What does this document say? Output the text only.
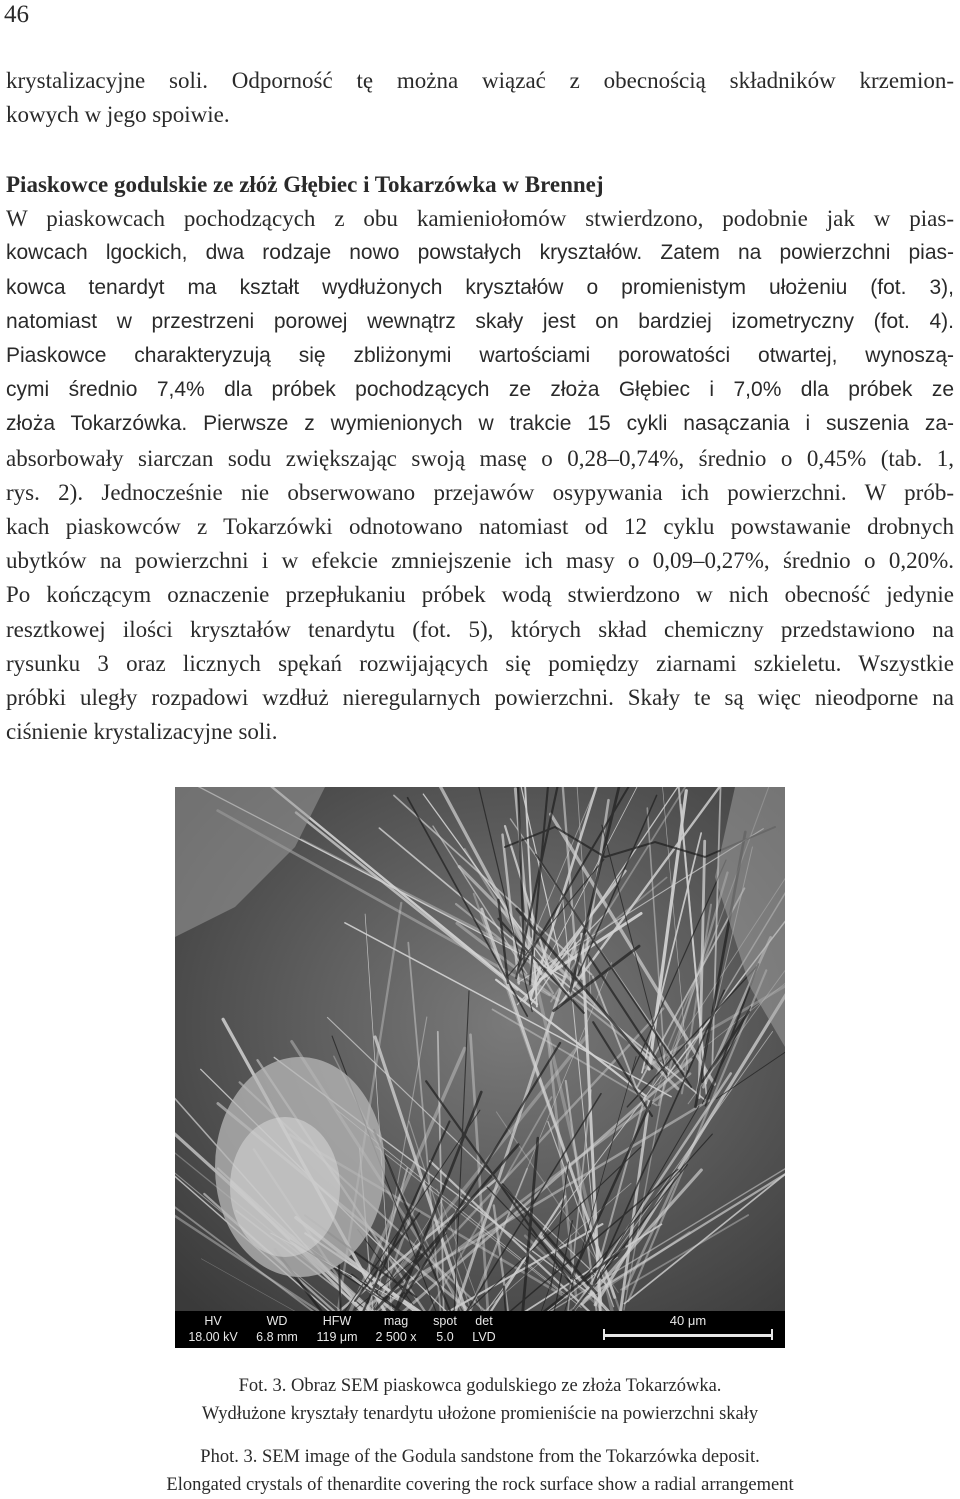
46
krystalizacyjne soli. Odporność tę można wiązać z obecnością składników krzemion-
kowych w jego spoiwie.
Piaskowce godulskie ze złóż Głębiec i Tokarzówka w Brennej
W piaskowcach pochodzących z obu kamieniołomów stwierdzono, podobnie jak w pias-
kowcach lgockich, dwa rodzaje nowo powstałych kryształów. Zatem na powierzchni pias-
kowca tenardyt ma kształt wydłużonych kryształów o promienistym ułożeniu (fot. 3),
natomiast w przestrzeni porowej wewnątrz skały jest on bardziej izometryczny (fot. 4).
Piaskowce charakteryzują się zbliżonymi wartościami porowatości otwartej, wynoszą-
cymi średnio 7,4% dla próbek pochodzących ze złoża Głębiec i 7,0% dla próbek ze
złoża Tokarzówka. Pierwsze z wymienionych w trakcie 15 cykli nasączania i suszenia za-
absorbowały siarczan sodu zwiększając swoją masę o 0,28–0,74%, średnio o 0,45% (tab. 1,
rys. 2). Jednocześnie nie obserwowano przejawów osypywania ich powierzchni. W prób-
kach piaskowców z Tokarzówki odnotowano natomiast od 12 cyklu powstawanie drobnych
ubytków na powierzchni i w efekcie zmniejszenie ich masy o 0,09–0,27%, średnio o 0,20%.
Po kończącym oznaczenie przepłukaniu próbek wodą stwierdzono w nich obecność jedynie
resztkowej ilości kryształów tenardytu (fot. 5), których skład chemiczny przedstawiono na
rysunku 3 oraz licznych spękań rozwijających się pomiędzy ziarnami szkieletu. Wszystkie
próbki uległy rozpadowi wzdłuż nieregularnych powierzchni. Skały te są więc nieodporne na
ciśnienie krystalizacyjne soli.
HV
18.00 kV
WD
6.8 mm
HFW
119 μm
mag
2 500 x
spot
5.0
det
LVD
40 μm
Fot. 3. Obraz SEM piaskowca godulskiego ze złoża Tokarzówka.
Wydłużone kryształy tenardytu ułożone promieniście na powierzchni skały
Phot. 3. SEM image of the Godula sandstone from the Tokarzówka deposit.
Elongated crystals of thenardite covering the rock surface show a radial arrangement
